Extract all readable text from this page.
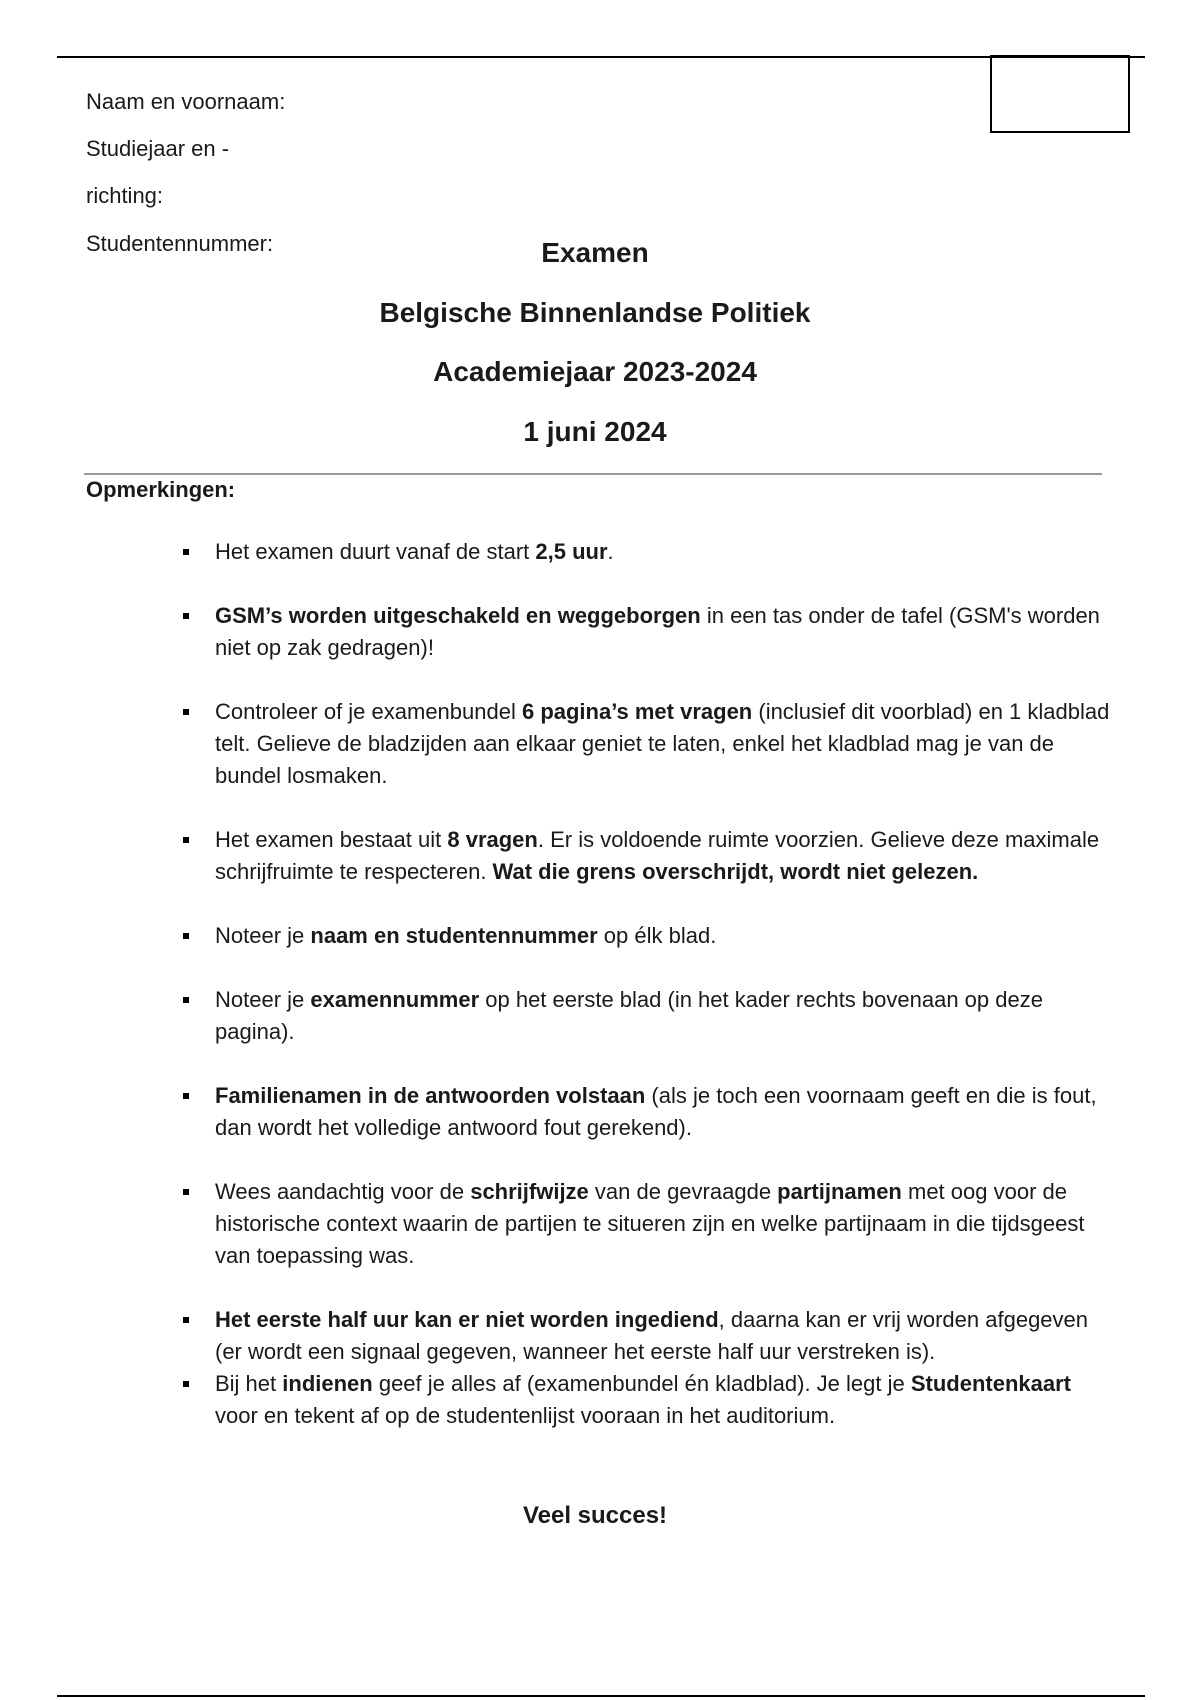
Naam en voornaam:
Studiejaar en -
richting:
Studentennummer:	Examen
Belgische Binnenlandse Politiek
Academiejaar 2023-2024
1 juni 2024
Opmerkingen:
Het examen duurt vanaf de start 2,5 uur.
GSM’s worden uitgeschakeld en weggeborgen in een tas onder de tafel (GSM's worden niet op zak gedragen)!
Controleer of je examenbundel 6 pagina’s met vragen (inclusief dit voorblad) en 1 kladblad telt. Gelieve de bladzijden aan elkaar geniet te laten, enkel het kladblad mag je van de bundel losmaken.
Het examen bestaat uit 8 vragen. Er is voldoende ruimte voorzien. Gelieve deze maximale schrijfruimte te respecteren. Wat die grens overschrijdt, wordt niet gelezen.
Noteer je naam en studentennummer op élk blad.
Noteer je examennummer op het eerste blad (in het kader rechts bovenaan op deze pagina).
Familienamen in de antwoorden volstaan (als je toch een voornaam geeft en die is fout, dan wordt het volledige antwoord fout gerekend).
Wees aandachtig voor de schrijfwijze van de gevraagde partijnamen met oog voor de historische context waarin de partijen te situeren zijn en welke partijnaam in die tijdsgeest van toepassing was.
Het eerste half uur kan er niet worden ingediend, daarna kan er vrij worden afgegeven (er wordt een signaal gegeven, wanneer het eerste half uur verstreken is).
Bij het indienen geef je alles af (examenbundel én kladblad). Je legt je Studentenkaart voor en tekent af op de studentenlijst vooraan in het auditorium.
Veel succes!
